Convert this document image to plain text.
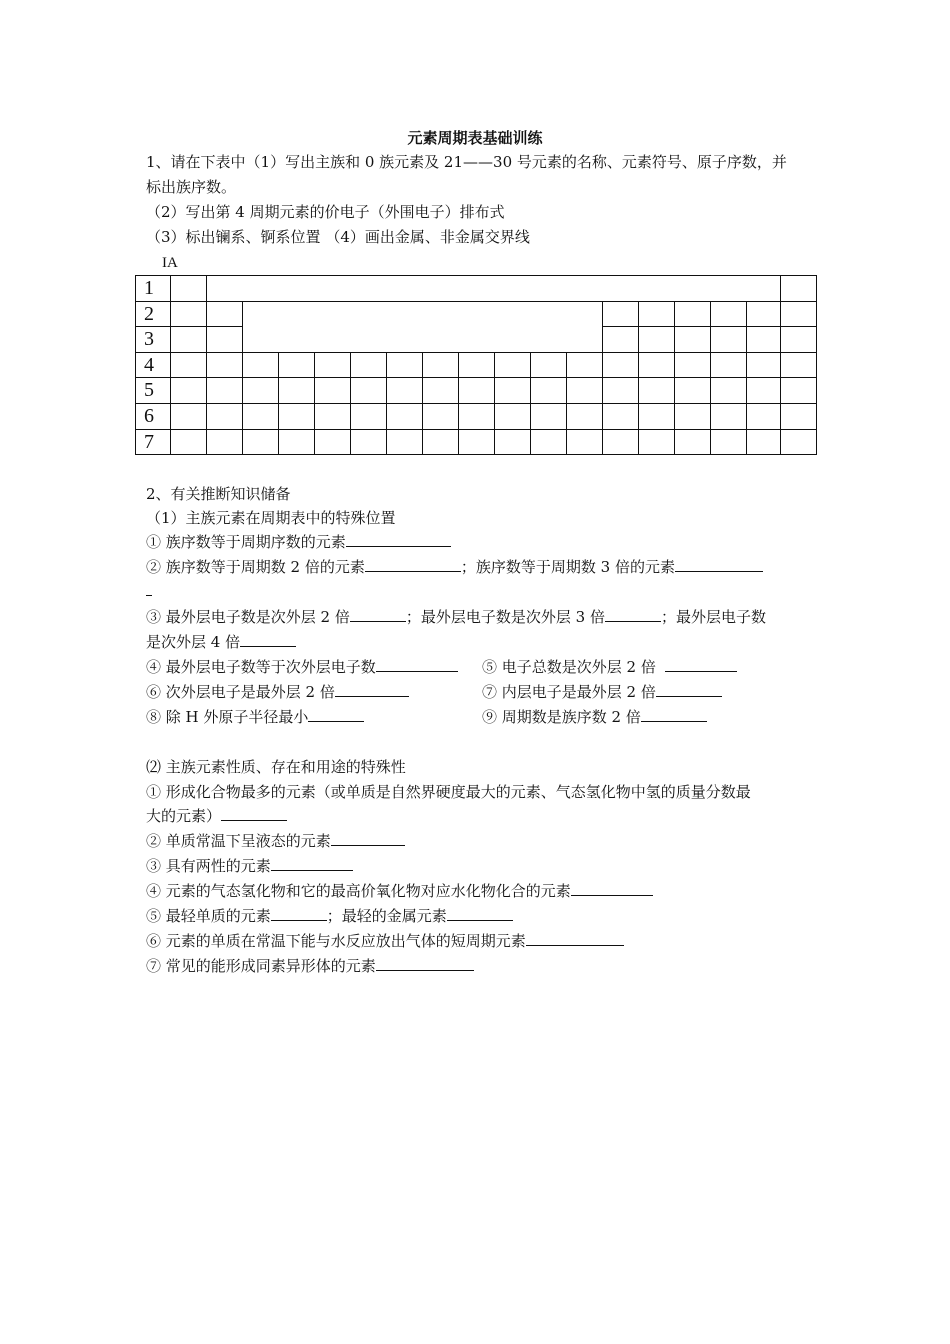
元素周期表基础训练
1、请在下表中（1）写出主族和 0 族元素及 21——30 号元素的名称、元素符号、原子序数，并
标出族序数。
（2）写出第 4 周期元素的价电子（外围电子）排布式
（3）标出镧系、锕系位置 （4）画出金属、非金属交界线
IA
1
2
3
4
5
6
7
2、有关推断知识储备
（1）主族元素在周期表中的特殊位置
① 族序数等于周期序数的元素
② 族序数等于周期数 2 倍的元素	；族序数等于周期数 3 倍的元素
③ 最外层电子数是次外层 2 倍	；最外层电子数是次外层 3 倍	；最外层电子数
是次外层 4 倍
④ 最外层电子数等于次外层电子数	⑤ 电子总数是次外层 2 倍
⑥ 次外层电子是最外层 2 倍	⑦ 内层电子是最外层 2 倍
⑧ 除 H 外原子半径最小	⑨ 周期数是族序数 2 倍
⑵ 主族元素性质、存在和用途的特殊性
① 形成化合物最多的元素（或单质是自然界硬度最大的元素、气态氢化物中氢的质量分数最
大的元素）
② 单质常温下呈液态的元素
③ 具有两性的元素
④ 元素的气态氢化物和它的最高价氧化物对应水化物化合的元素
⑤ 最轻单质的元素	；最轻的金属元素
⑥ 元素的单质在常温下能与水反应放出气体的短周期元素
⑦ 常见的能形成同素异形体的元素
